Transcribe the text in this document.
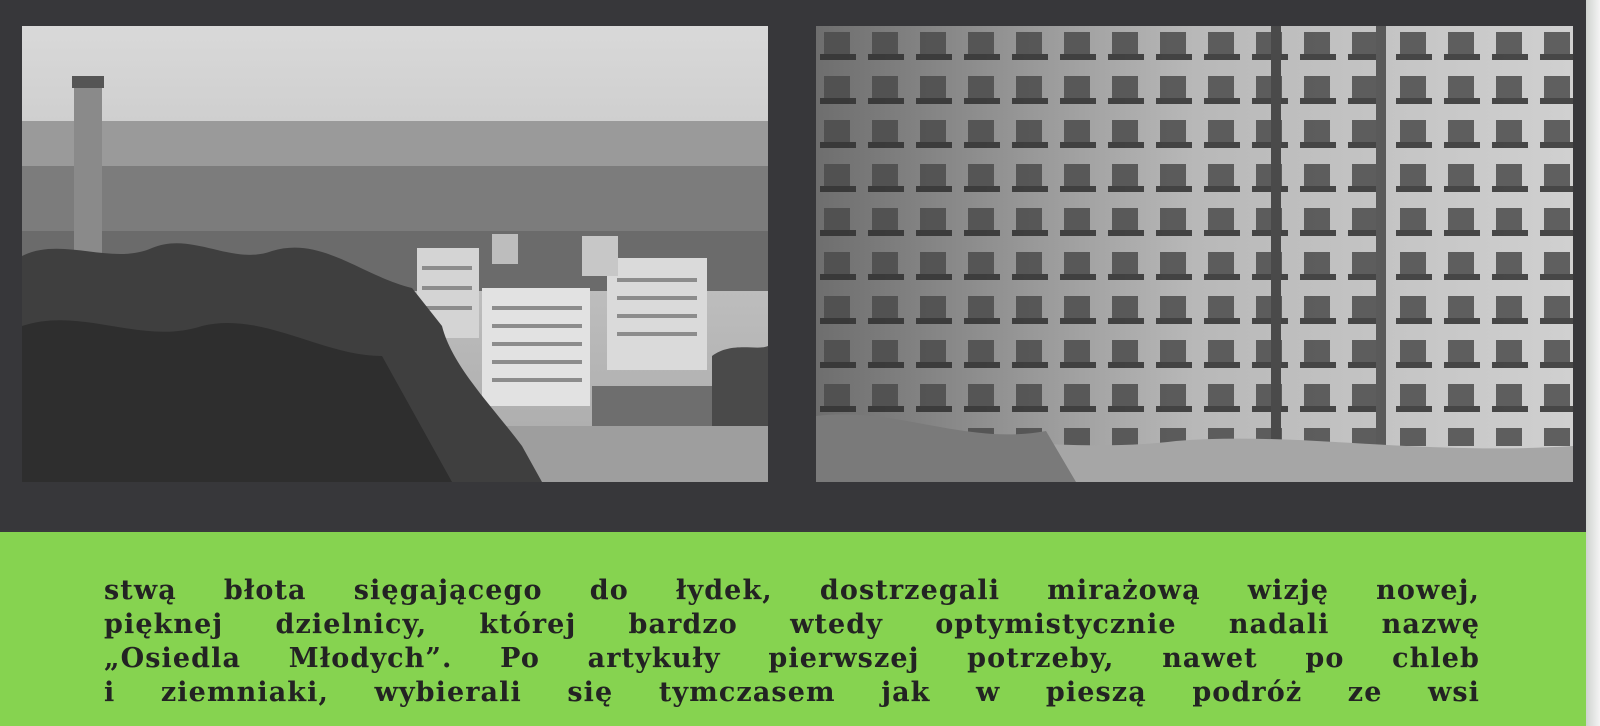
stwą błota sięgającego do łydek, dostrzegali mirażową wizję nowej,
pięknej dzielnicy, której bardzo wtedy optymistycznie nadali nazwę
„Osiedla Młodych”. Po artykuły pierwszej potrzeby, nawet po chleb
i ziemniaki, wybierali się tymczasem jak w pieszą podróż ze wsi
